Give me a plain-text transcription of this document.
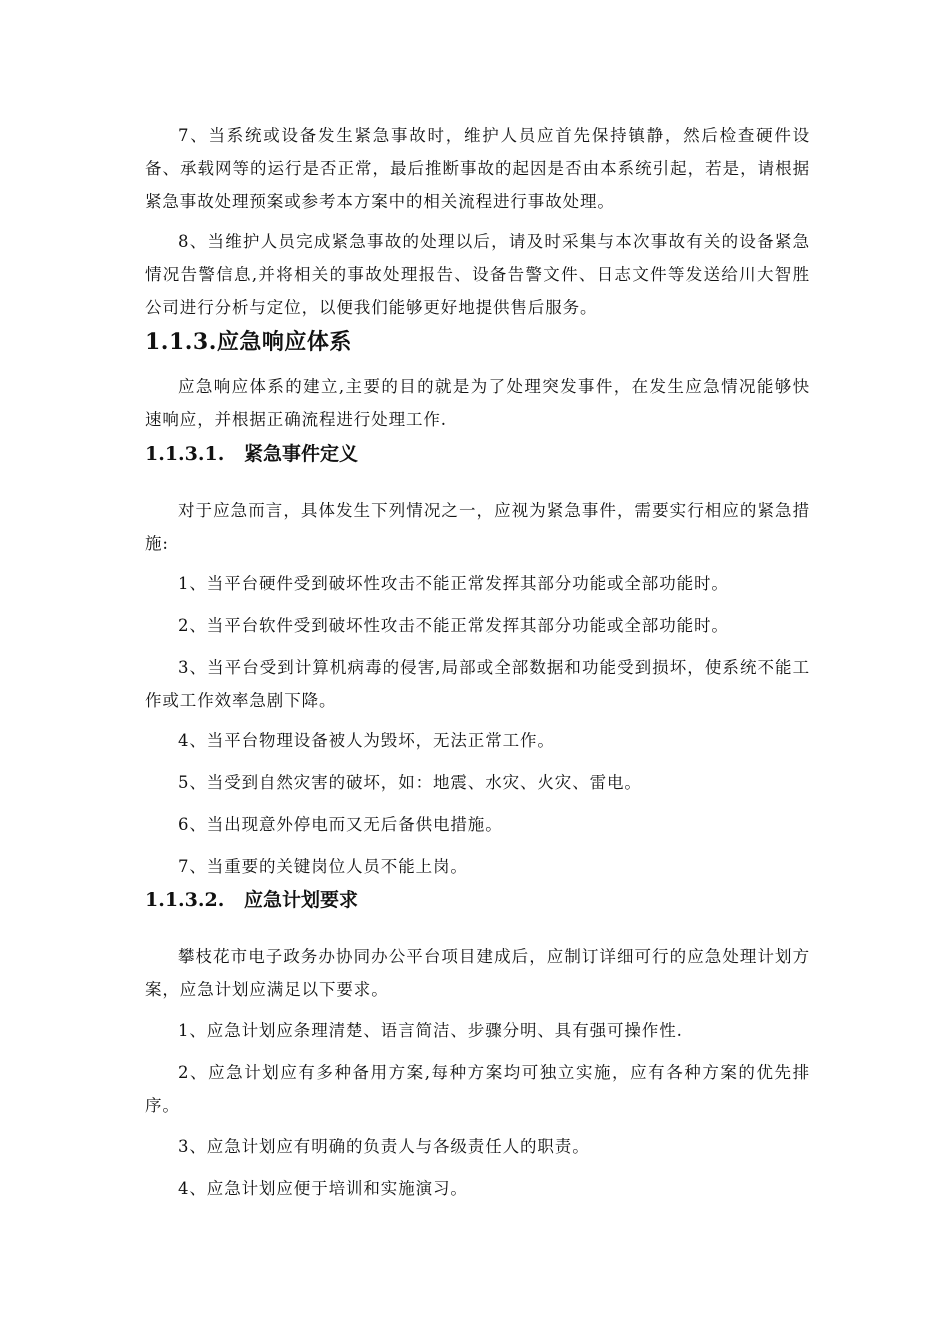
7、当系统或设备发生紧急事故时，维护人员应首先保持镇静，然后检查硬件设备、承载网等的运行是否正常，最后推断事故的起因是否由本系统引起，若是，请根据紧急事故处理预案或参考本方案中的相关流程进行事故处理。

8、当维护人员完成紧急事故的处理以后，请及时采集与本次事故有关的设备紧急情况告警信息,并将相关的事故处理报告、设备告警文件、日志文件等发送给川大智胜公司进行分析与定位，以便我们能够更好地提供售后服务。

1.1.3.应急响应体系

应急响应体系的建立,主要的目的就是为了处理突发事件，在发生应急情况能够快速响应，并根据正确流程进行处理工作.

1.1.3.1. 紧急事件定义

对于应急而言，具体发生下列情况之一，应视为紧急事件，需要实行相应的紧急措施:

1、当平台硬件受到破坏性攻击不能正常发挥其部分功能或全部功能时。

2、当平台软件受到破坏性攻击不能正常发挥其部分功能或全部功能时。

3、当平台受到计算机病毒的侵害,局部或全部数据和功能受到损坏，使系统不能工作或工作效率急剧下降。

4、当平台物理设备被人为毁坏，无法正常工作。

5、当受到自然灾害的破坏，如：地震、水灾、火灾、雷电。

6、当出现意外停电而又无后备供电措施。

7、当重要的关键岗位人员不能上岗。

1.1.3.2. 应急计划要求

攀枝花市电子政务办协同办公平台项目建成后，应制订详细可行的应急处理计划方案，应急计划应满足以下要求。

1、应急计划应条理清楚、语言简洁、步骤分明、具有强可操作性.

2、应急计划应有多种备用方案,每种方案均可独立实施，应有各种方案的优先排序。

3、应急计划应有明确的负责人与各级责任人的职责。

4、应急计划应便于培训和实施演习。
